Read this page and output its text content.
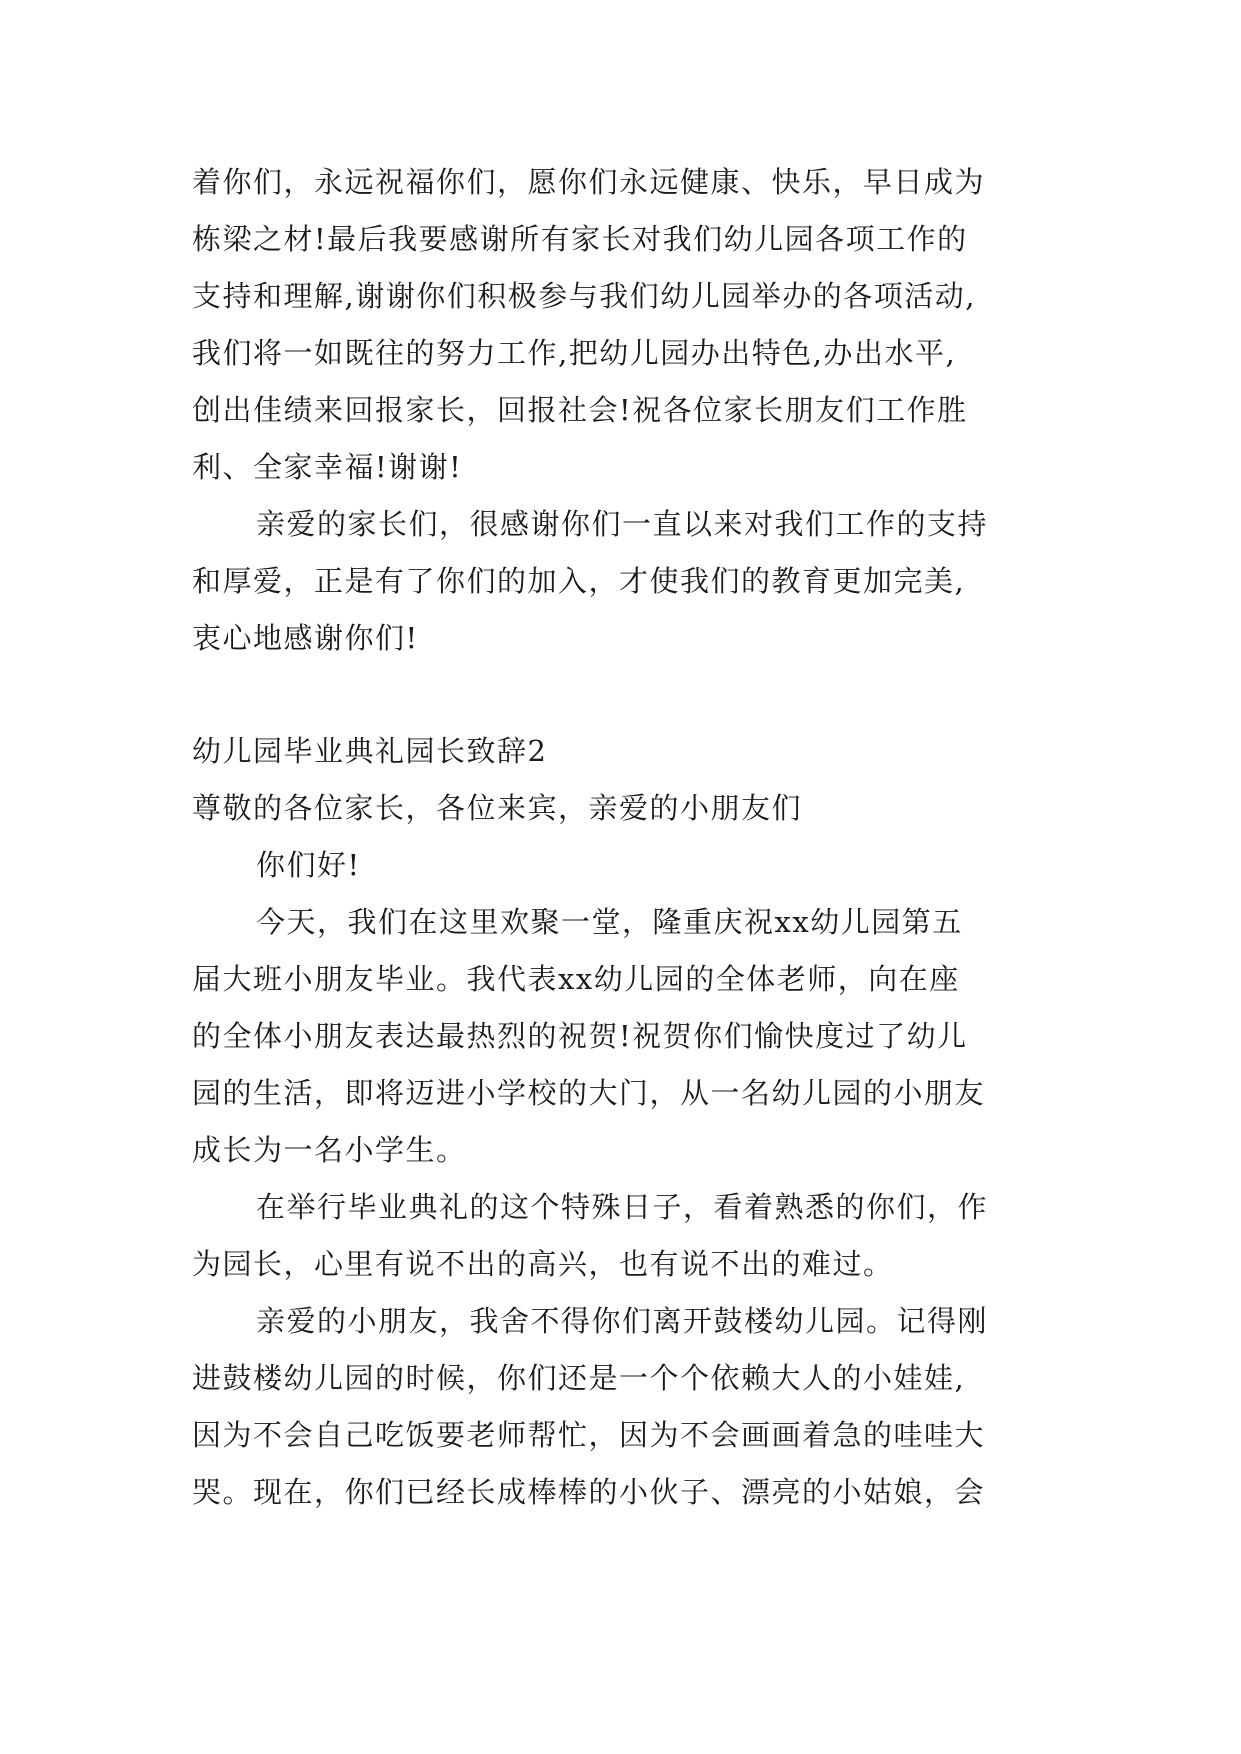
着你们，永远祝福你们，愿你们永远健康、快乐，早日成为
栋梁之材!最后我要感谢所有家长对我们幼儿园各项工作的
支持和理解,谢谢你们积极参与我们幼儿园举办的各项活动,
我们将一如既往的努力工作,把幼儿园办出特色,办出水平,
创出佳绩来回报家长，回报社会!祝各位家长朋友们工作胜
利、全家幸福!谢谢!
亲爱的家长们，很感谢你们一直以来对我们工作的支持
和厚爱，正是有了你们的加入，才使我们的教育更加完美,
衷心地感谢你们!
幼儿园毕业典礼园长致辞2
尊敬的各位家长，各位来宾，亲爱的小朋友们
你们好!
今天，我们在这里欢聚一堂，隆重庆祝xx幼儿园第五
届大班小朋友毕业。我代表xx幼儿园的全体老师，向在座
的全体小朋友表达最热烈的祝贺!祝贺你们愉快度过了幼儿
园的生活，即将迈进小学校的大门，从一名幼儿园的小朋友
成长为一名小学生。
在举行毕业典礼的这个特殊日子，看着熟悉的你们，作
为园长，心里有说不出的高兴，也有说不出的难过。
亲爱的小朋友，我舍不得你们离开鼓楼幼儿园。记得刚
进鼓楼幼儿园的时候，你们还是一个个依赖大人的小娃娃,
因为不会自己吃饭要老师帮忙，因为不会画画着急的哇哇大
哭。现在，你们已经长成棒棒的小伙子、漂亮的小姑娘，会
